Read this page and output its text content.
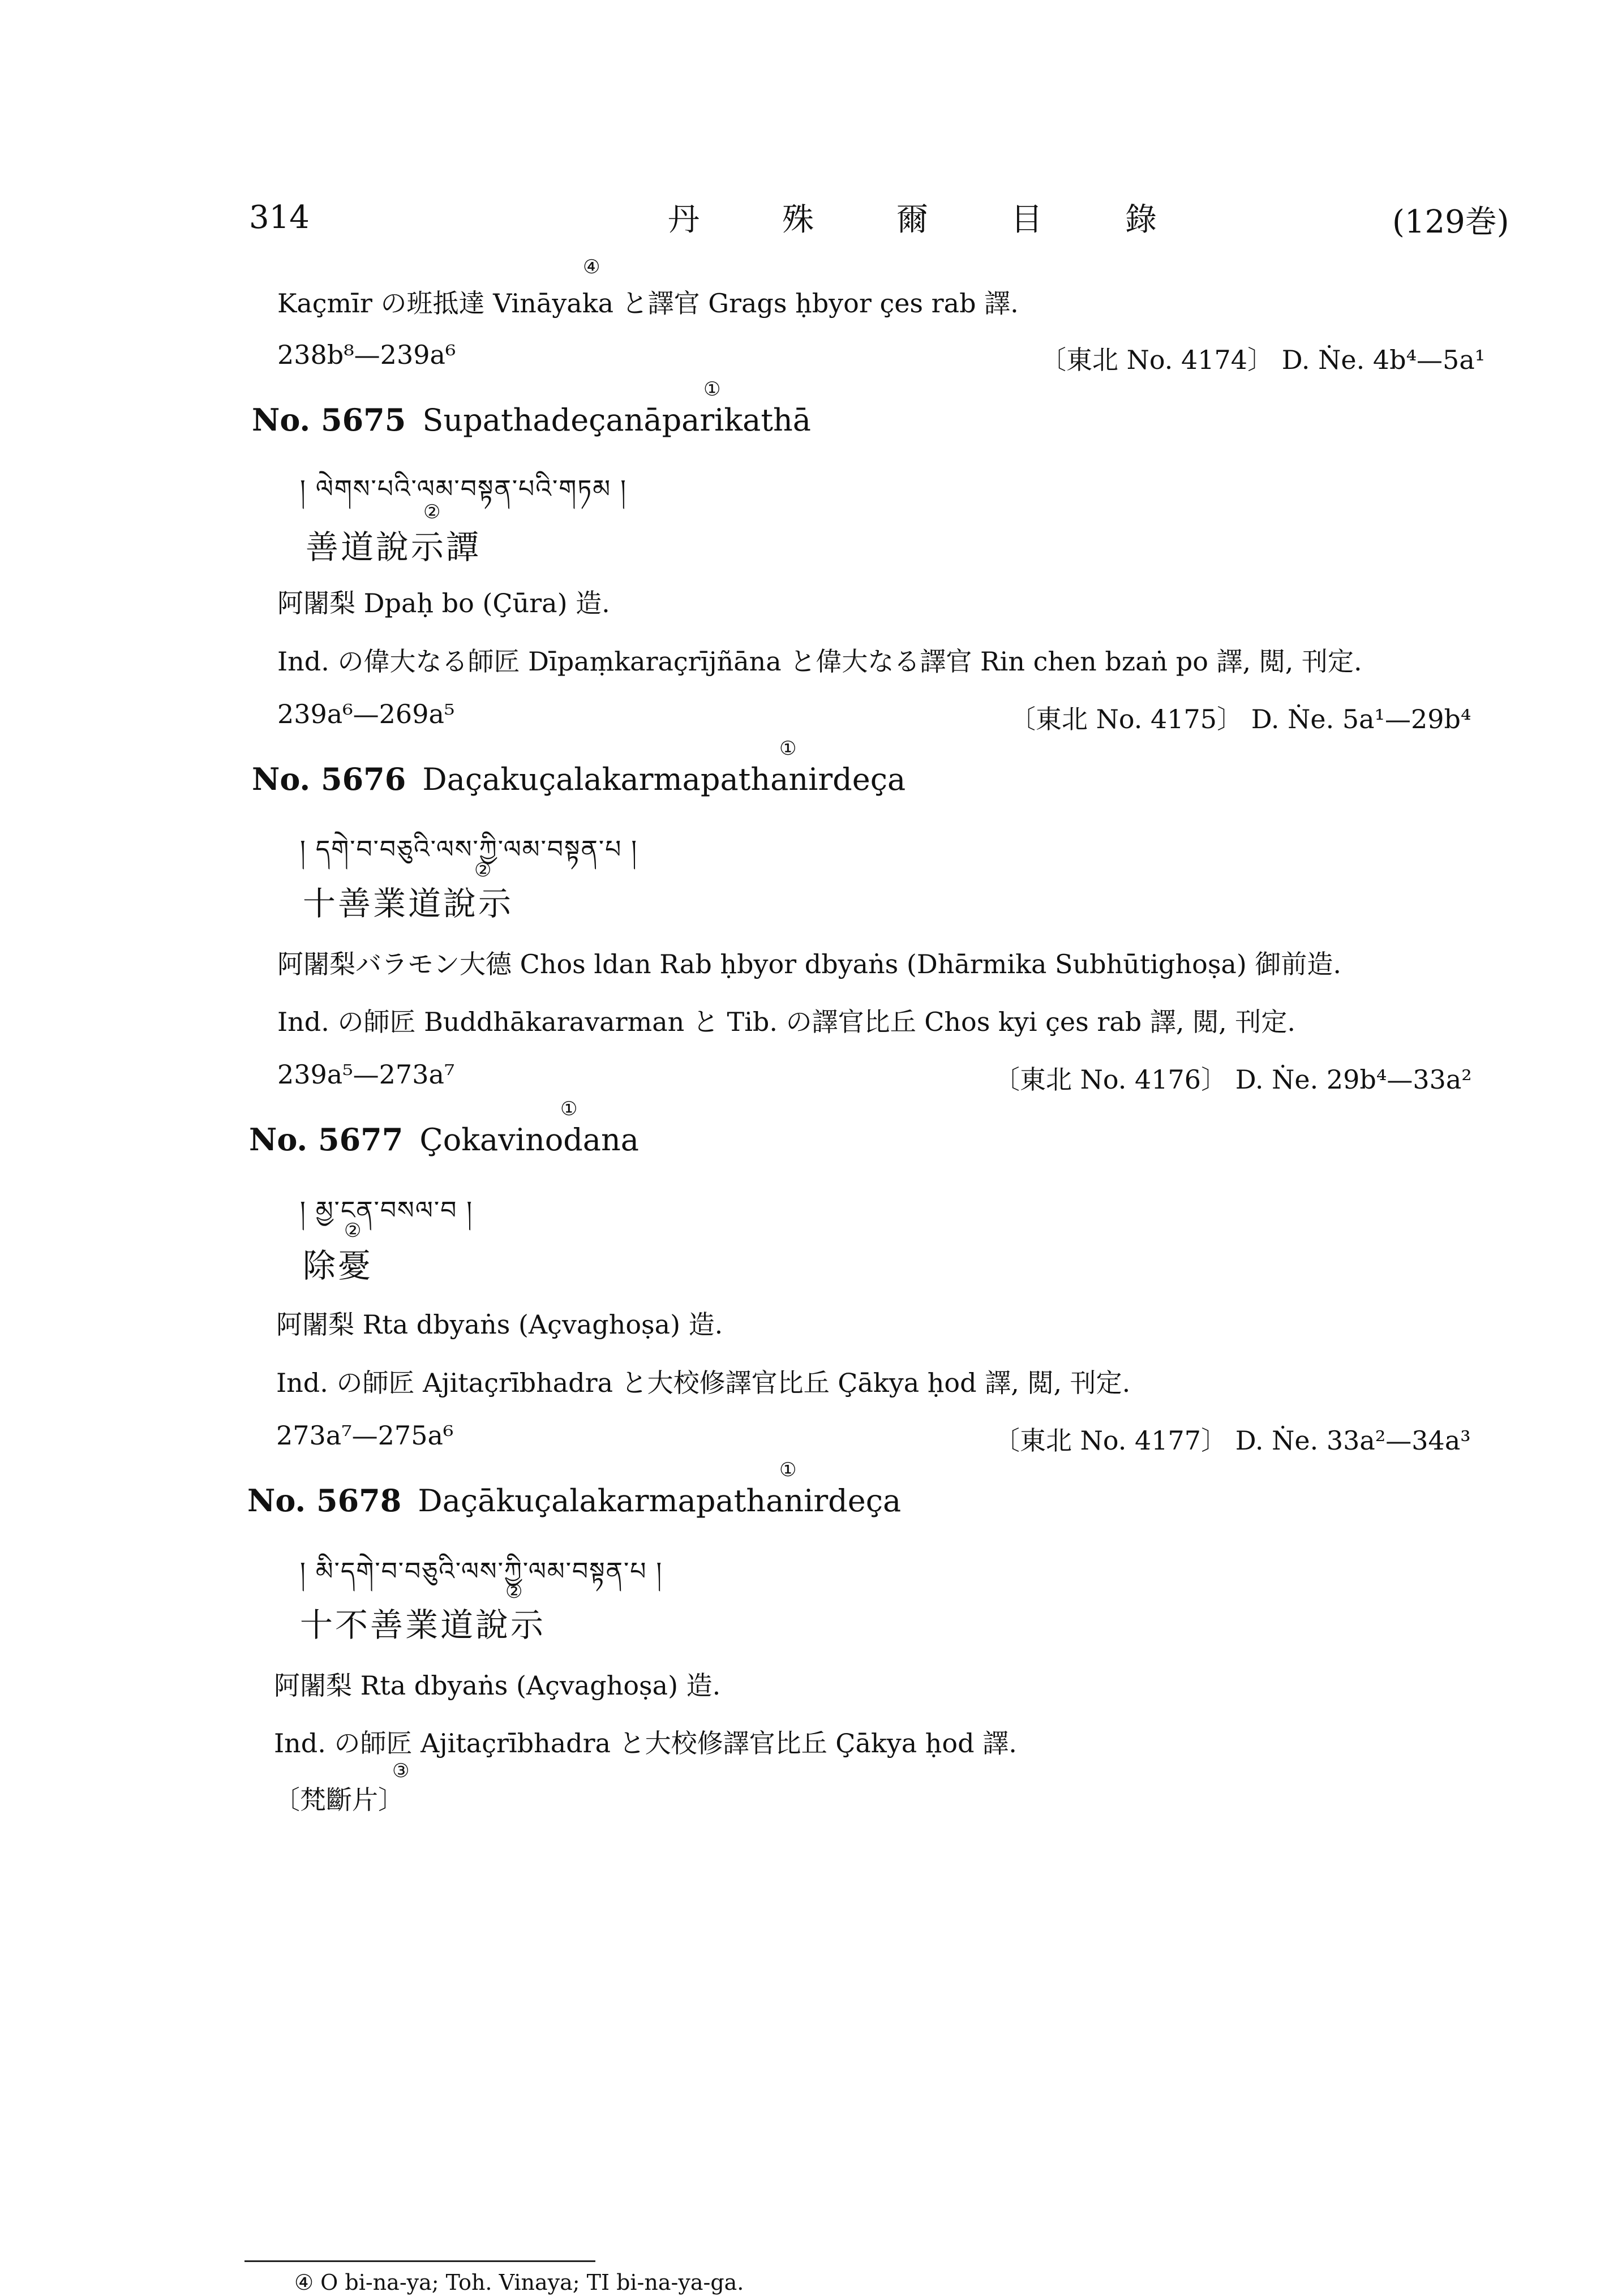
314	丹	殊	爾	目	錄	(129巻)
④
Kaçmīr の班抵達 Vināyaka と譯官 Grags ḥbyor çes rab 譯.
238b⁸—239a⁶	〔東北 No. 4174〕 D. Ṅe. 4b⁴—5a¹
①
No. 5675 Supathadeçanāparikathā
། ལེགས་པའི་ལམ་བསྟན་པའི་གཏམ །
②
善道說示譚
阿闍梨 Dpaḥ bo (Çūra) 造.
Ind. の偉大なる師匠 Dīpaṃkaraçrījñāna と偉大なる譯官 Rin chen bzaṅ po 譯, 閲, 刊定.
239a⁶—269a⁵	〔東北 No. 4175〕 D. Ṅe. 5a¹—29b⁴
①
No. 5676 Daçakuçalakarmapathanirdeça
། དགེ་བ་བཅུའི་ལས་ཀྱི་ལམ་བསྟན་པ །
②
十善業道說示
阿闍梨バラモン大德 Chos ldan Rab ḥbyor dbyaṅs (Dhārmika Subhūtighoṣa) 御前造.
Ind. の師匠 Buddhākaravarman と Tib. の譯官比丘 Chos kyi çes rab 譯, 閲, 刊定.
239a⁵—273a⁷	〔東北 No. 4176〕 D. Ṅe. 29b⁴—33a²
①
No. 5677 Çokavinodana
། མྱ་ངན་བསལ་བ །
②
除憂
阿闍梨 Rta dbyaṅs (Açvaghoṣa) 造.
Ind. の師匠 Ajitaçrībhadra と大校修譯官比丘 Çākya ḥod 譯, 閲, 刊定.
273a⁷—275a⁶	〔東北 No. 4177〕 D. Ṅe. 33a²—34a³
①
No. 5678 Daçākuçalakarmapathanirdeça
། མི་དགེ་བ་བཅུའི་ལས་ཀྱི་ལམ་བསྟན་པ །
②
十不善業道說示
阿闍梨 Rta dbyaṅs (Açvaghoṣa) 造.
Ind. の師匠 Ajitaçrībhadra と大校修譯官比丘 Çākya ḥod 譯.
③
〔梵斷片〕
④ O bi-na-ya; Toh. Vinaya; TI bi-na-ya-ga.
